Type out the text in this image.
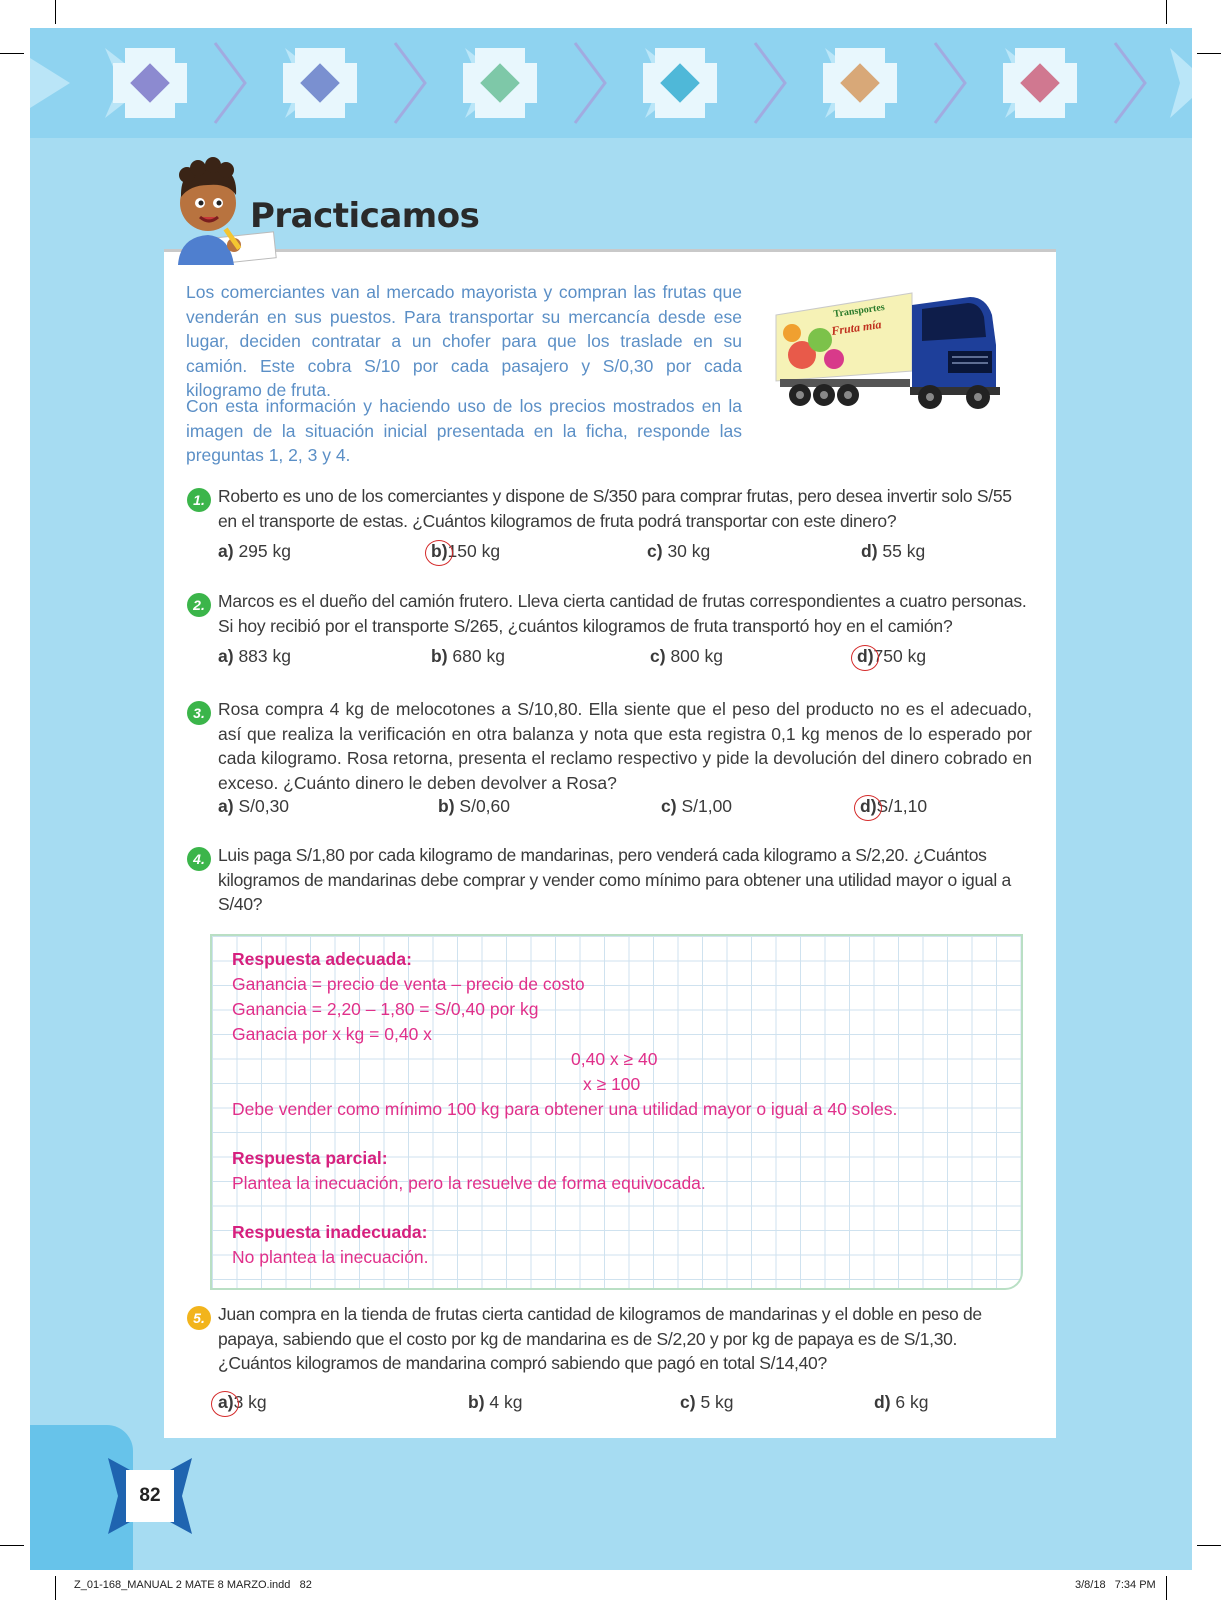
Practicamos
Los comerciantes van al mercado mayorista y compran las frutas que venderán en sus puestos. Para transportar su mercancía desde ese lugar, deciden contratar a un chofer para que los traslade en su camión. Este cobra S/10 por cada pasajero y S/0,30 por cada kilogramo de fruta.
Con esta información y haciendo uso de los precios mostrados en la imagen de la situación inicial presentada en la ficha, responde las preguntas 1, 2, 3 y 4.
Transportes
Fruta mía
1. Roberto es uno de los comerciantes y dispone de S/350 para comprar frutas, pero desea invertir solo S/55 en el transporte de estas. ¿Cuántos kilogramos de fruta podrá transportar con este dinero?
a) 295 kg	b)150 kg	c) 30 kg	d) 55 kg
2. Marcos es el dueño del camión frutero. Lleva cierta cantidad de frutas correspondientes a cuatro personas. Si hoy recibió por el transporte S/265, ¿cuántos kilogramos de fruta transportó hoy en el camión?
a) 883 kg	b) 680 kg	c) 800 kg	d)750 kg
3. Rosa compra 4 kg de melocotones a S/10,80. Ella siente que el peso del producto no es el adecuado, así que realiza la verificación en otra balanza y nota que esta registra 0,1 kg menos de lo esperado por cada kilogramo. Rosa retorna, presenta el reclamo respectivo y pide la devolución del dinero cobrado en exceso. ¿Cuánto dinero le deben devolver a Rosa?
a) S/0,30	b) S/0,60	c) S/1,00	d)S/1,10
4. Luis paga S/1,80 por cada kilogramo de mandarinas, pero venderá cada kilogramo a S/2,20. ¿Cuántos kilogramos de mandarinas debe comprar y vender como mínimo para obtener una utilidad mayor o igual a S/40?
Respuesta adecuada:
Ganancia = precio de venta – precio de costo
Ganancia = 2,20 – 1,80 = S/0,40 por kg
Ganacia por x kg = 0,40 x
0,40 x ≥ 40
x ≥ 100
Debe vender como mínimo 100 kg para obtener una utilidad mayor o igual a 40 soles.
Respuesta parcial:
Plantea la inecuación, pero la resuelve de forma equivocada.
Respuesta inadecuada:
No plantea la inecuación.
5. Juan compra en la tienda de frutas cierta cantidad de kilogramos de mandarinas y el doble en peso de papaya, sabiendo que el costo por kg de mandarina es de S/2,20 y por kg de papaya es de S/1,30. ¿Cuántos kilogramos de mandarina compró sabiendo que pagó en total S/14,40?
a)3 kg	b) 4 kg	c) 5 kg	d) 6 kg
82
Z_01-168_MANUAL 2 MATE 8 MARZO.indd   82	3/8/18   7:34 PM
